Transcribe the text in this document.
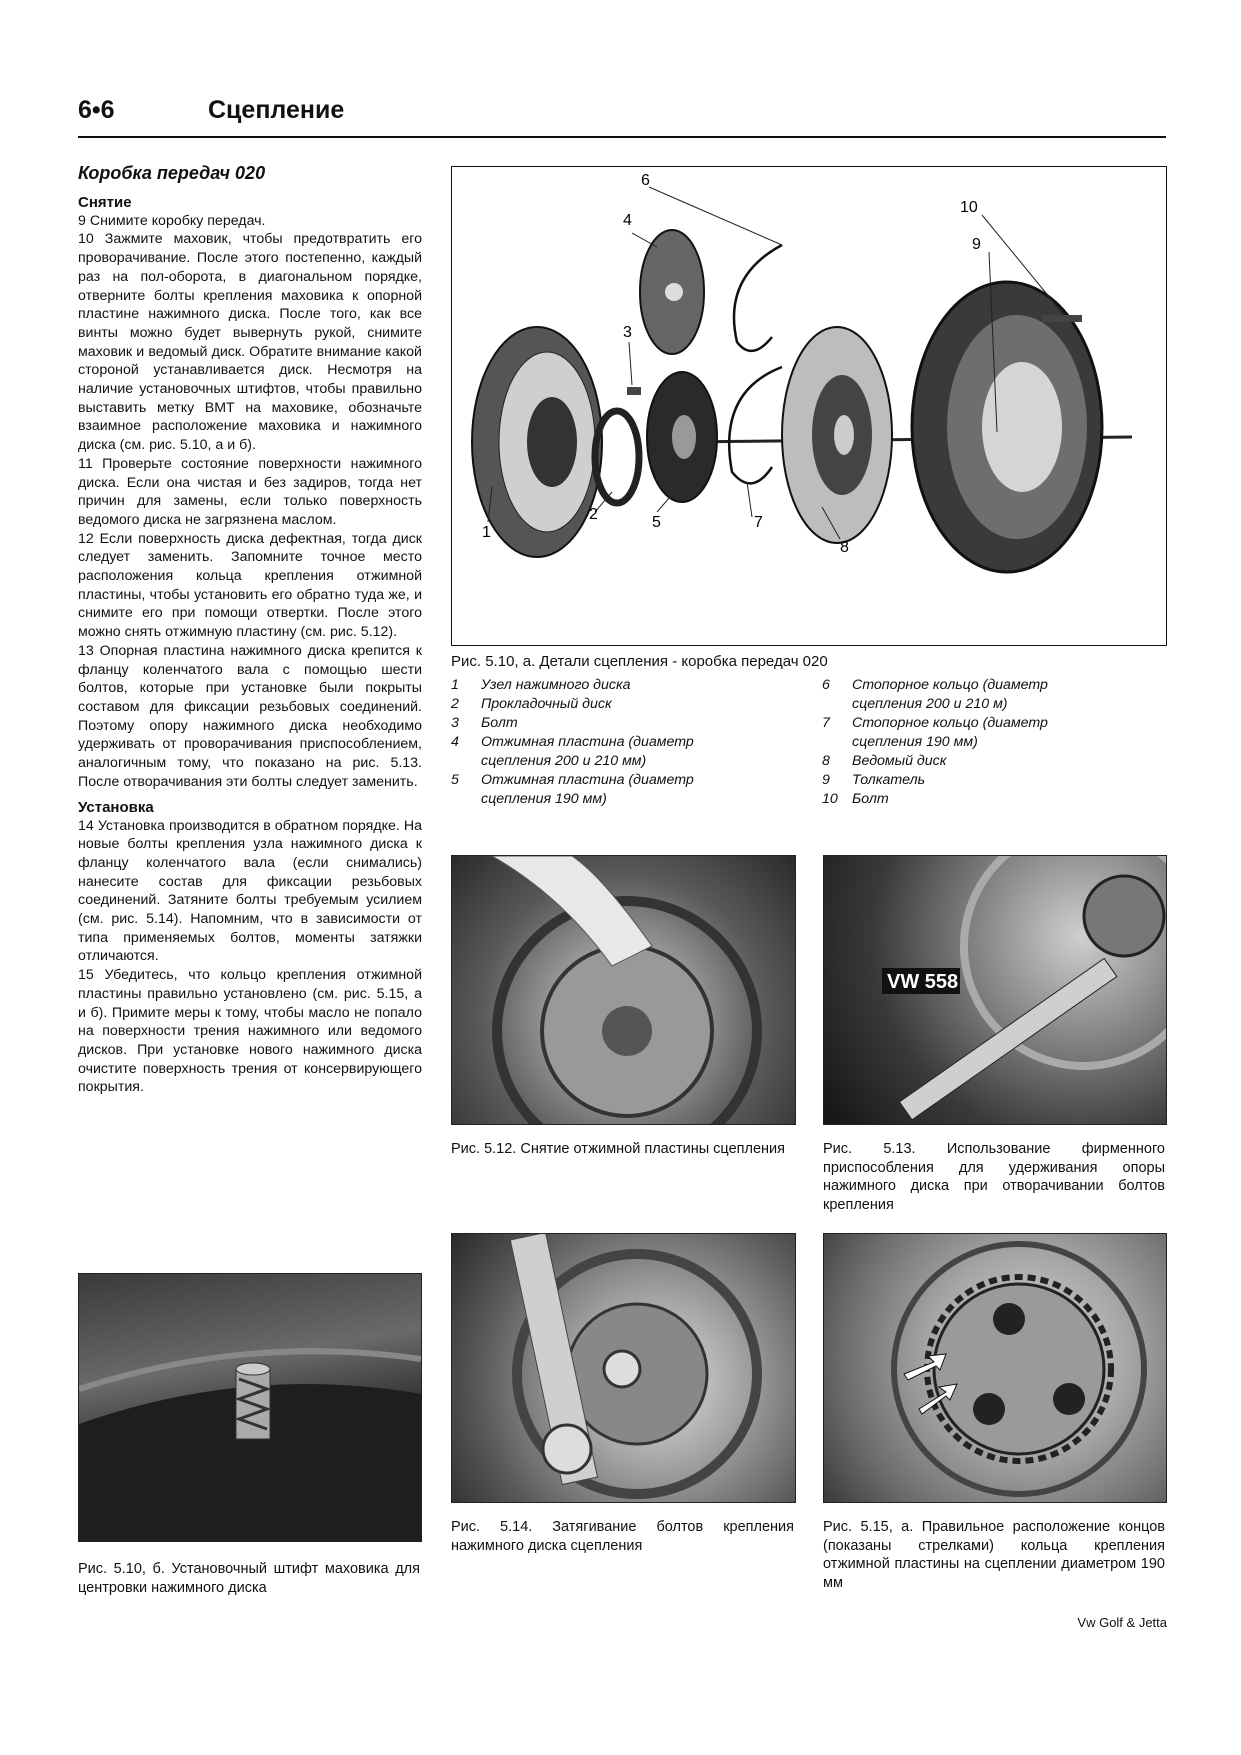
6•6	Сцепление
Коробка передач 020
Снятие

9 Снимите коробку передач.

10 Зажмите маховик, чтобы предотвратить его проворачивание. После этого постепенно, каждый раз на пол-оборота, в диагональном порядке, отверните болты крепления маховика к опорной пластине нажимного диска. После того, как все винты можно будет вывернуть рукой, снимите маховик и ведомый диск. Обратите внимание какой стороной устанавливается диск. Несмотря на наличие установочных штифтов, чтобы правильно выставить метку ВМТ на маховике, обозначьте взаимное расположение маховика и нажимного диска (см. рис. 5.10, а и б).

11 Проверьте состояние поверхности нажимного диска. Если она чистая и без задиров, тогда нет причин для замены, если только поверхность ведомого диска не загрязнена маслом.

12 Если поверхность диска дефектная, тогда диск следует заменить. Запомните точное место расположения кольца крепления отжимной пластины, чтобы установить его обратно туда же, и снимите его при помощи отвертки. После этого можно снять отжимную пластину (см. рис. 5.12).

13 Опорная пластина нажимного диска крепится к фланцу коленчатого вала с помощью шести болтов, которые при установке были покрыты составом для фиксации резьбовых соединений. Поэтому опору нажимного диска необходимо удерживать от проворачивания приспособлением, аналогичным тому, что показано на рис. 5.13. После отворачивания эти болты следует заменить.

Установка

14 Установка производится в обратном порядке. На новые болты крепления узла нажимного диска к фланцу коленчатого вала (если снимались) нанесите состав для фиксации резьбовых соединений. Затяните болты требуемым усилием (см. рис. 5.14). Напомним, что в зависимости от типа применяемых болтов, моменты затяжки отличаются.

15 Убедитесь, что кольцо крепления отжимной пластины правильно установлено (см. рис. 5.15, а и б). Примите меры к тому, чтобы масло не попало на поверхности трения нажимного или ведомого дисков. При установке нового нажимного диска очистите поверхность трения от консервирующего покрытия.

Рис. 5.10, б. Установочный штифт маховика для центровки нажимного диска
1
2
3
4
5
6
7
8
9
10
Рис. 5.10, а. Детали сцепления - коробка передач 020
1	Узел нажимного диска
2	Прокладочный диск
3	Болт
4	Отжимная пластина (диаметр
сцепления 200 и 210 мм)
5	Отжимная пластина (диаметр
сцепления 190 мм)
6	Стопорное кольцо (диаметр
сцепления 200 и 210 м)
7	Стопорное кольцо (диаметр
сцепления 190 мм)
8	Ведомый диск
9	Толкатель
10	Болт
Рис. 5.12. Снятие отжимной пластины сцепления
VW 558
Рис. 5.13. Использование фирменного приспособления для удерживания опоры нажимного диска при отворачивании болтов крепления
Рис. 5.14. Затягивание болтов крепления нажимного диска сцепления
Рис. 5.15, а. Правильное расположение концов (показаны стрелками) кольца крепления отжимной пластины на сцеплении диаметром 190 мм
Vw Golf & Jetta
